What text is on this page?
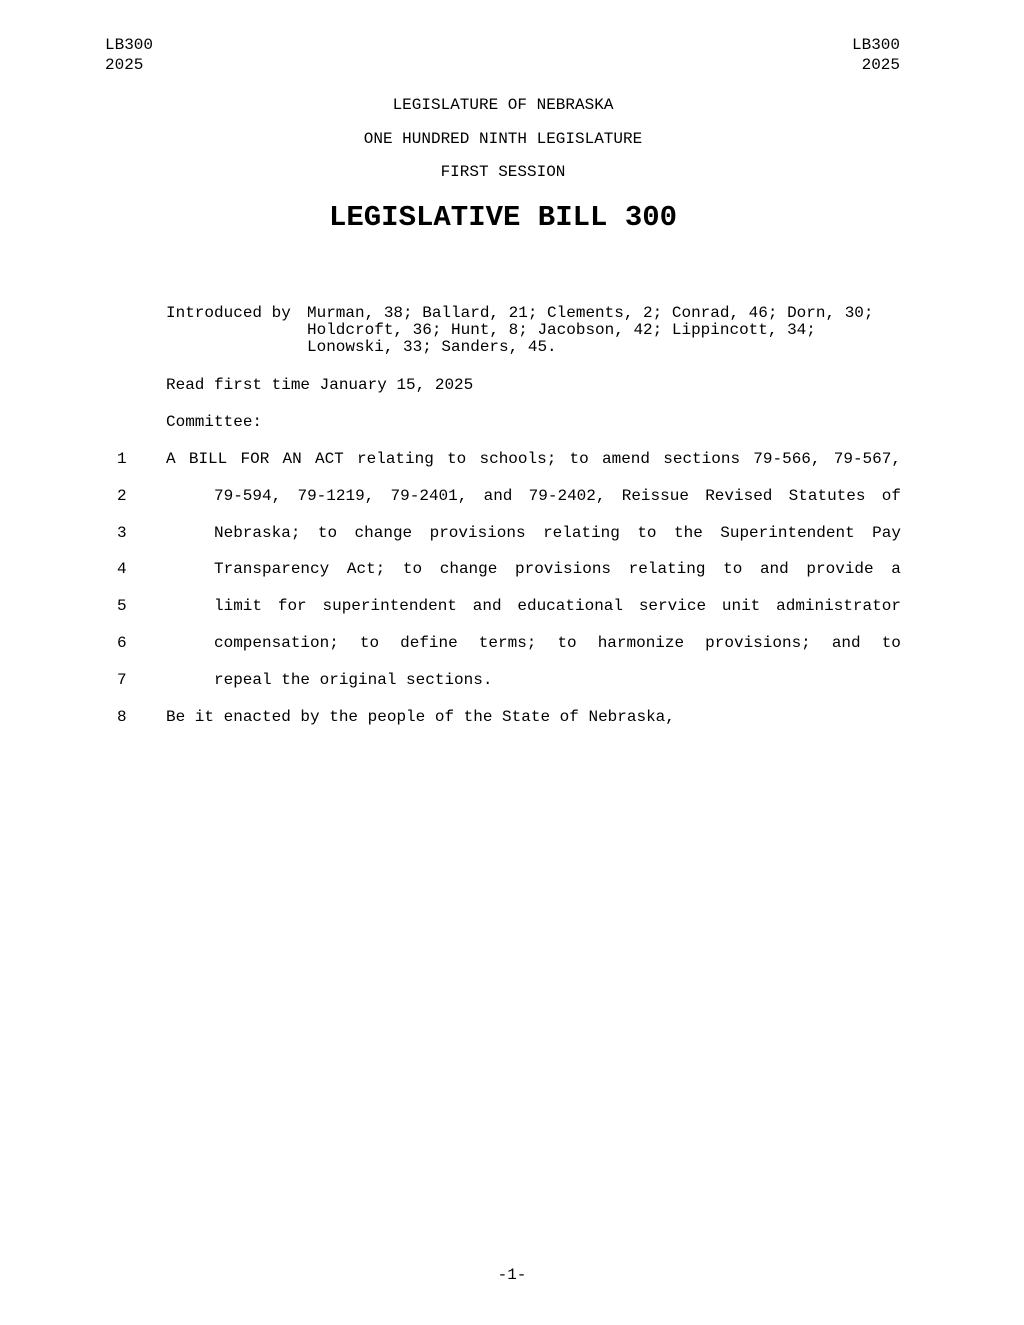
LB300
2025
LB300
2025
LEGISLATURE OF NEBRASKA
ONE HUNDRED NINTH LEGISLATURE
FIRST SESSION
LEGISLATIVE BILL 300
Introduced by Murman, 38; Ballard, 21; Clements, 2; Conrad, 46; Dorn, 30;
Holdcroft, 36; Hunt, 8; Jacobson, 42; Lippincott, 34;
Lonowski, 33; Sanders, 45.
Read first time January 15, 2025
Committee:
1	A BILL FOR AN ACT relating to schools; to amend sections 79-566, 79-567,
2	79-594, 79-1219, 79-2401, and 79-2402, Reissue Revised Statutes of
3	Nebraska; to change provisions relating to the Superintendent Pay
4	Transparency Act; to change provisions relating to and provide a
5	limit for superintendent and educational service unit administrator
6	compensation; to define terms; to harmonize provisions; and to
7	repeal the original sections.
8	Be it enacted by the people of the State of Nebraska,
-1-
